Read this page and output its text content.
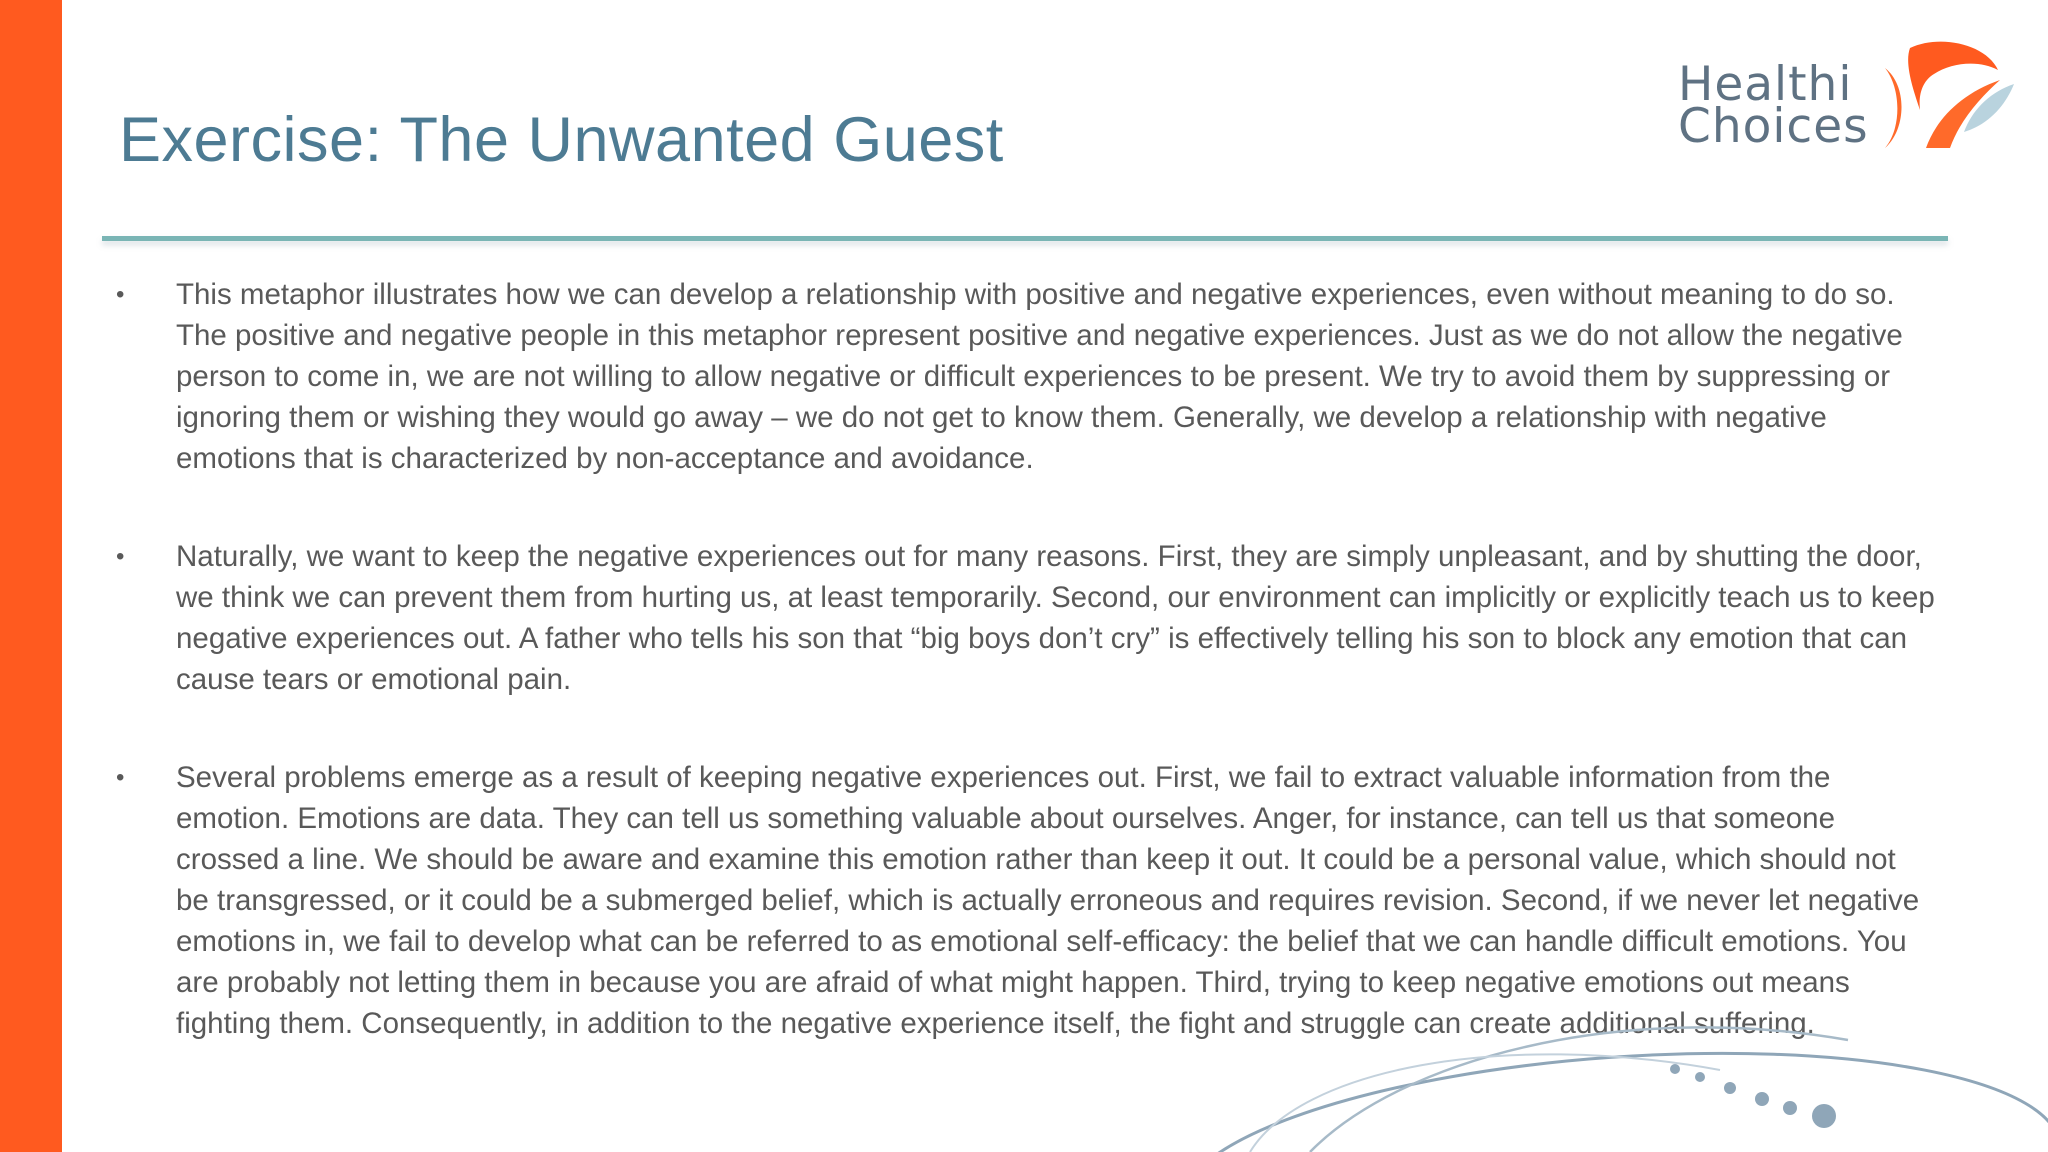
Exercise: The Unwanted Guest
Healthi
Choices
• This metaphor illustrates how we can develop a relationship with positive and negative experiences, even without meaning to do so. The positive and negative people in this metaphor represent positive and negative experiences. Just as we do not allow the negative person to come in, we are not willing to allow negative or difficult experiences to be present. We try to avoid them by suppressing or ignoring them or wishing they would go away – we do not get to know them. Generally, we develop a relationship with negative emotions that is characterized by non-acceptance and avoidance.
• Naturally, we want to keep the negative experiences out for many reasons. First, they are simply unpleasant, and by shutting the door, we think we can prevent them from hurting us, at least temporarily. Second, our environment can implicitly or explicitly teach us to keep negative experiences out. A father who tells his son that “big boys don’t cry” is effectively telling his son to block any emotion that can cause tears or emotional pain.
• Several problems emerge as a result of keeping negative experiences out. First, we fail to extract valuable information from the emotion. Emotions are data. They can tell us something valuable about ourselves. Anger, for instance, can tell us that someone crossed a line. We should be aware and examine this emotion rather than keep it out. It could be a personal value, which should not be transgressed, or it could be a submerged belief, which is actually erroneous and requires revision. Second, if we never let negative emotions in, we fail to develop what can be referred to as emotional self-efficacy: the belief that we can handle difficult emotions. You are probably not letting them in because you are afraid of what might happen. Third, trying to keep negative emotions out means fighting them. Consequently, in addition to the negative experience itself, the fight and struggle can create additional suffering.
